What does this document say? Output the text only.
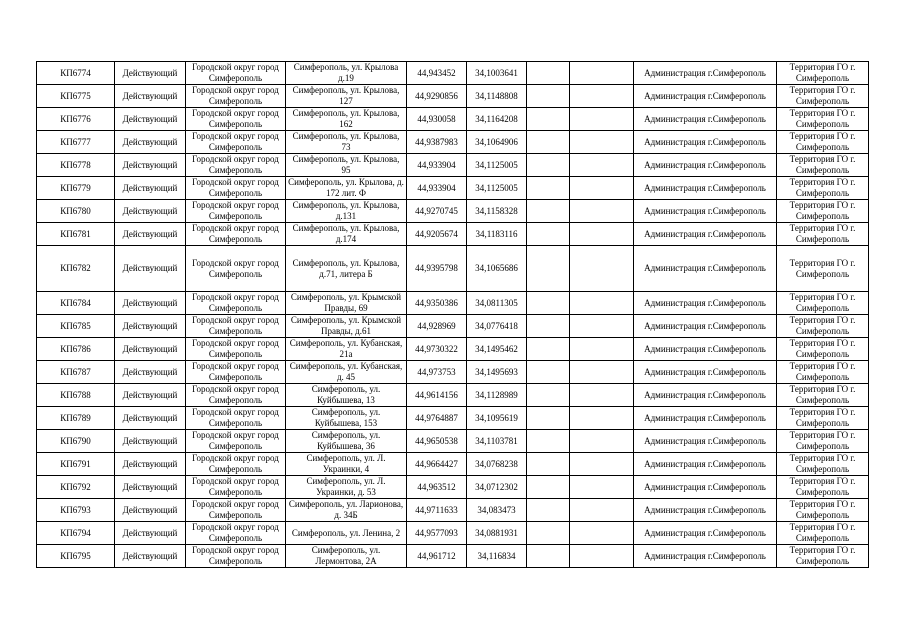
КП6774	Действующий	Городской округ город Симферополь	Симферополь, ул. Крылова д.19	44,943452	34,1003641			Администрация г.Симферополь	Территория ГО г. Симферополь
КП6775	Действующий	Городской округ город Симферополь	Симферополь, ул. Крылова, 127	44,9290856	34,1148808			Администрация г.Симферополь	Территория ГО г. Симферополь
КП6776	Действующий	Городской округ город Симферополь	Симферополь, ул. Крылова, 162	44,930058	34,1164208			Администрация г.Симферополь	Территория ГО г. Симферополь
КП6777	Действующий	Городской округ город Симферополь	Симферополь, ул. Крылова, 73	44,9387983	34,1064906			Администрация г.Симферополь	Территория ГО г. Симферополь
КП6778	Действующий	Городской округ город Симферополь	Симферополь, ул. Крылова, 95	44,933904	34,1125005			Администрация г.Симферополь	Территория ГО г. Симферополь
КП6779	Действующий	Городской округ город Симферополь	Симферополь, ул. Крылова, д. 172 лит. Ф	44,933904	34,1125005			Администрация г.Симферополь	Территория ГО г. Симферополь
КП6780	Действующий	Городской округ город Симферополь	Симферополь, ул. Крылова, д.131	44,9270745	34,1158328			Администрация г.Симферополь	Территория ГО г. Симферополь
КП6781	Действующий	Городской округ город Симферополь	Симферополь, ул. Крылова, д.174	44,9205674	34,1183116			Администрация г.Симферополь	Территория ГО г. Симферополь
КП6782	Действующий	Городской округ город Симферополь	Симферополь, ул. Крылова, д.71, литера Б	44,9395798	34,1065686			Администрация г.Симферополь	Территория ГО г. Симферополь
КП6784	Действующий	Городской округ город Симферополь	Симферополь, ул. Крымской Правды, 69	44,9350386	34,0811305			Администрация г.Симферополь	Территория ГО г. Симферополь
КП6785	Действующий	Городской округ город Симферополь	Симферополь, ул. Крымской Правды, д.61	44,928969	34,0776418			Администрация г.Симферополь	Территория ГО г. Симферополь
КП6786	Действующий	Городской округ город Симферополь	Симферополь, ул. Кубанская, 21а	44,9730322	34,1495462			Администрация г.Симферополь	Территория ГО г. Симферополь
КП6787	Действующий	Городской округ город Симферополь	Симферополь, ул. Кубанская, д. 45	44,973753	34,1495693			Администрация г.Симферополь	Территория ГО г. Симферополь
КП6788	Действующий	Городской округ город Симферополь	Симферополь, ул. Куйбышева, 13	44,9614156	34,1128989			Администрация г.Симферополь	Территория ГО г. Симферополь
КП6789	Действующий	Городской округ город Симферополь	Симферополь, ул. Куйбышева, 153	44,9764887	34,1095619			Администрация г.Симферополь	Территория ГО г. Симферополь
КП6790	Действующий	Городской округ город Симферополь	Симферополь, ул. Куйбышева, 36	44,9650538	34,1103781			Администрация г.Симферополь	Территория ГО г. Симферополь
КП6791	Действующий	Городской округ город Симферополь	Симферополь, ул. Л. Украинки, 4	44,9664427	34,0768238			Администрация г.Симферополь	Территория ГО г. Симферополь
КП6792	Действующий	Городской округ город Симферополь	Симферополь, ул. Л. Украинки, д. 53	44,963512	34,0712302			Администрация г.Симферополь	Территория ГО г. Симферополь
КП6793	Действующий	Городской округ город Симферополь	Симферополь, ул. Ларионова, д. 34Б	44,9711633	34,083473			Администрация г.Симферополь	Территория ГО г. Симферополь
КП6794	Действующий	Городской округ город Симферополь	Симферополь, ул. Ленина, 2	44,9577093	34,0881931			Администрация г.Симферополь	Территория ГО г. Симферополь
КП6795	Действующий	Городской округ город Симферополь	Симферополь, ул. Лермонтова, 2А	44,961712	34,116834			Администрация г.Симферополь	Территория ГО г. Симферополь
